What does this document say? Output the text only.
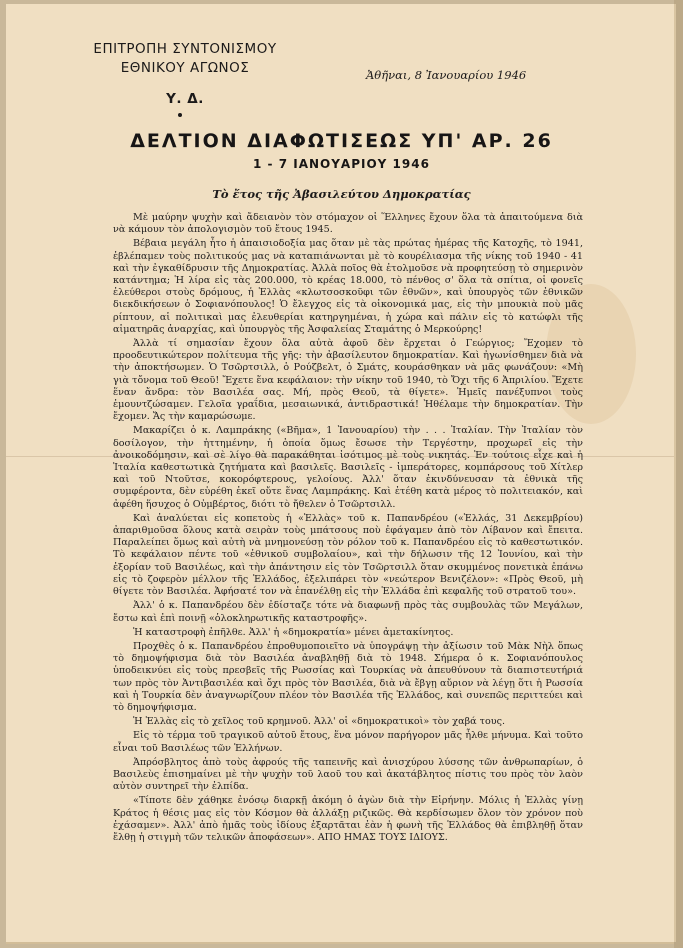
ΕΠΙΤΡΟΠΗ ΣΥΝΤΟΝΙΣΜΟΥ
ΕΘΝΙΚΟΥ ΑΓΩΝΟΣ
Υ. Δ.
Ἀθῆναι, 8 Ἰανουαρίου 1946
ΔΕΛΤΙΟΝ ΔΙΑΦΩΤΙΣΕΩΣ ΥΠ' ΑΡ. 26
1 - 7 ΙΑΝΟΥΑΡΙΟΥ 1946
Τὸ ἔτος τῆς Ἀβασιλεύτου Δημοκρατίας

Μὲ μαύρην ψυχὴν καὶ ἄδειανὸν τὸν στόμαχον οἱ Ἕλληνες ἔχουν ὅλα τὰ ἀπαιτούμενα διὰ νὰ κάμουν τὸν ἀπολογισμὸν τοῦ ἔτους 1945.

Βέβαια μεγάλη ἦτο ἡ ἀπαισιοδοξία μας ὅταν μὲ τὰς πρώτας ἡμέρας τῆς Κατοχῆς, τὸ 1941, ἐβλέπαμεν τοὺς πολιτικούς μας νὰ καταπιάνωνται μὲ τὸ κουρέλιασμα τῆς νίκης τοῦ 1940 - 41 καὶ τὴν ἐγκαθίδρυσιν τῆς Δημοκρατίας. Ἀλλὰ ποῖος θὰ ἐτολμοῦσε νὰ προφητεύσῃ τὸ σημερινὸν κατάντημα; Ἡ λίρα εἰς τὰς 200.000, τὸ κρέας 18.000, τὸ πένθος σ' ὅλα τὰ σπίτια, οἱ φονεῖς ἐλεύθεροι στοὺς δρόμους, ἡ Ἑλλὰς «κλωτσοσκοῦφι τῶν ἐθνῶν», καὶ ὑπουργὸς τῶν ἐθνικῶν διεκδικήσεων ὁ Σοφιανόπουλος! Ὁ ἔλεγχος εἰς τὰ οἰκονομικά μας, εἰς τὴν μπουκιὰ ποὺ μᾶς ρίπτουν, αἱ πολιτικαὶ μας ἐλευθερίαι κατηργημέναι, ἡ χώρα καὶ πάλιν εἰς τὸ κατώφλι τῆς αἱματηρᾶς ἀναρχίας, καὶ ὑπουργὸς τῆς Ἀσφαλείας Σταμάτης ὁ Μερκούρης!

Ἀλλὰ τί σημασίαν ἔχουν ὅλα αὐτὰ ἀφοῦ δὲν ἔρχεται ὁ Γεώργιος; Ἔχομεν τὸ προοδευτικώτερον πολίτευμα τῆς γῆς: τὴν ἀβασίλευτον δημοκρατίαν. Καὶ ἠγωνίσθημεν διὰ νὰ τὴν ἀποκτήσωμεν. Ὁ Τσῶρτσιλλ, ὁ Ρούζβελτ, ὁ Σμάτς, κουράσθηκαν νὰ μᾶς φωνάζουν: «Μὴ γιὰ τὄνομα τοῦ Θεοῦ! Ἔχετε ἕνα κεφάλαιον: τὴν νίκην τοῦ 1940, τὸ Ὄχι τῆς 6 Ἀπριλίου. Ἔχετε ἕναν ἄνδρα: τὸν Βασιλέα σας. Μή, πρὸς Θεοῦ, τὰ θίγετε». Ἡμεῖς πανέξυπνοι τοὺς ἐμουντζώσαμεν. Γελοῖα γραΐδια, μεσαιωνικά, ἀντιδραστικά! Ἠθέλαμε τὴν δημοκρατίαν. Τὴν ἔχομεν. Ἄς τὴν καμαρώσωμε.

Μακαρίζει ὁ κ. Λαμπράκης («Βῆμα», 1 Ἰανουαρίου) τὴν . . . Ἰταλίαν. Τὴν Ἰταλίαν τὸν δοσίλογον, τὴν ἡττημένην, ἡ ὁποία ὅμως ἔσωσε τὴν Τεργέστην, προχωρεῖ εἰς τὴν ἀνοικοδόμησιν, καὶ σὲ λίγο θὰ παρακάθηται ἰσότιμος μὲ τοὺς νικητάς. Ἐν τούτοις εἶχε καὶ ἡ Ἰταλία καθεστωτικὰ ζητήματα καὶ βασιλεῖς. Βασιλεῖς - ἰμπεράτορες, κομπάρσους τοῦ Χίτλερ καὶ τοῦ Ντοῦτσε, κοκορόφτερους, γελοίους. Ἀλλ' ὅταν ἐκινδύνευσαν τὰ ἐθνικὰ τῆς συμφέροντα, δὲν εὑρέθη ἐκεῖ οὔτε ἕνας Λαμπράκης. Καὶ ἐτέθη κατὰ μέρος τὸ πολιτειακόν, καὶ ἀφέθη ἥσυχος ὁ Οὐμβέρτος, διότι τὸ ἤθελεν ὁ Τσῶρτσιλλ.

Καὶ ἀναλύεται εἰς κοπετοὺς ἡ «Ἑλλὰς» τοῦ κ. Παπανδρέου («Ἑλλάς, 31 Δεκεμβρίου) ἀπαριθμοῦσα ὅλους κατὰ σειρὰν τοὺς μπάτσους ποὺ ἐφάγαμεν ἀπὸ τὸν Λίβανον καὶ ἔπειτα. Παραλείπει ὅμως καὶ αὐτὴ νὰ μνημονεύσῃ τὸν ρόλον τοῦ κ. Παπανδρέου εἰς τὸ καθεστωτικόν. Τὸ κεφάλαιον πέντε τοῦ «ἐθνικοῦ συμβολαίου», καὶ τὴν δήλωσιν τῆς 12 Ἰουνίου, καὶ τὴν ἐξορίαν τοῦ Βασιλέως, καὶ τὴν ἀπάντησιν εἰς τὸν Τσῶρτσιλλ ὅταν σκυμμένος πονετικὰ ἐπάνω εἰς τὸ ζοφερὸν μέλλον τῆς Ἑλλάδος, ἐξελιπάρει τὸν «νεώτερον Βενιζέλον»: «Πρὸς Θεοῦ, μὴ θίγετε τὸν Βασιλέα. Ἀφήσατέ τον νὰ ἐπανέλθῃ εἰς τὴν Ἑλλάδα ἐπὶ κεφαλῆς τοῦ στρατοῦ του».

Ἀλλ' ὁ κ. Παπανδρέου δὲν ἐδίσταζε τότε νὰ διαφωνῇ πρὸς τὰς συμβουλὰς τῶν Μεγάλων, ἔστω καὶ ἐπὶ ποινῇ «ὁλοκληρωτικῆς καταστροφῆς».

Ἡ καταστροφὴ ἐπῆλθε. Ἀλλ' ἡ «δημοκρατία» μένει ἀμετακίνητος.

Προχθὲς ὁ κ. Παπανδρέου ἐπροθυμοποιεῖτο νὰ ὑπογράψῃ τὴν ἀξίωσιν τοῦ Μὰκ Νὴλ ὅπως τὸ δημοψήφισμα διὰ τὸν Βασιλέα ἀναβληθῇ διὰ τὸ 1948. Σήμερα ὁ κ. Σοφιανόπουλος ὑποδεικνύει εἰς τοὺς πρεσβεῖς τῆς Ρωσσίας καὶ Τουρκίας νὰ ἀπευθύνουν τὰ διαπιστευτήριά των πρὸς τὸν Ἀντιβασιλέα καὶ ὄχι πρὸς τὸν Βασιλέα, διὰ νὰ ἔβγῃ αὔριον νὰ λέγῃ ὅτι ἡ Ρωσσία καὶ ἡ Τουρκία δὲν ἀναγνωρίζουν πλέον τὸν Βασιλέα τῆς Ἑλλάδος, καὶ συνεπῶς περιττεύει καὶ τὸ δημοψήφισμα.

Ἡ Ἑλλὰς εἰς τὸ χεῖλος τοῦ κρημνοῦ. Ἀλλ' οἱ «δημοκρατικοὶ» τὸν χαβά τους.

Εἰς τὸ τέρμα τοῦ τραγικοῦ αὐτοῦ ἔτους, ἕνα μόνον παρήγορον μᾶς ἦλθε μήνυμα. Καὶ τοῦτο εἶναι τοῦ Βασιλέως τῶν Ἑλλήνων.

Ἀπρόσβλητος ἀπὸ τοὺς ἀφρούς τῆς ταπεινῆς καὶ ἀνισχύρου λύσσης τῶν ἀνθρωπαρίων, ὁ Βασιλεὺς ἐπισημαίνει μὲ τὴν ψυχὴν τοῦ λαοῦ του καὶ ἀκατάβλητος πίστις του πρὸς τὸν λαὸν αὐτὸν συντηρεῖ τὴν ἐλπίδα.

«Τίποτε δὲν χάθηκε ἐνόσῳ διαρκῇ ἀκόμη ὁ ἀγὼν διὰ τὴν Εἰρήνην. Μόλις ἡ Ἑλλὰς γίνῃ Κράτος ἡ θέσις μας εἰς τὸν Κόσμον θὰ ἀλλάξῃ ριζικῶς. Θὰ κερδίσωμεν ὅλον τὸν χρόνον ποὺ ἐχάσαμεν». Ἀλλ' ἀπὸ ἡμᾶς τοὺς ἰδίους ἐξαρτᾶται ἐὰν ἡ φωνὴ τῆς Ἑλλάδος θὰ ἐπιβληθῇ ὅταν ἔλθῃ ἡ στιγμὴ τῶν τελικῶν ἀποφάσεων». ΑΠΟ ΗΜΑΣ ΤΟΥΣ ΙΔΙΟΥΣ.
